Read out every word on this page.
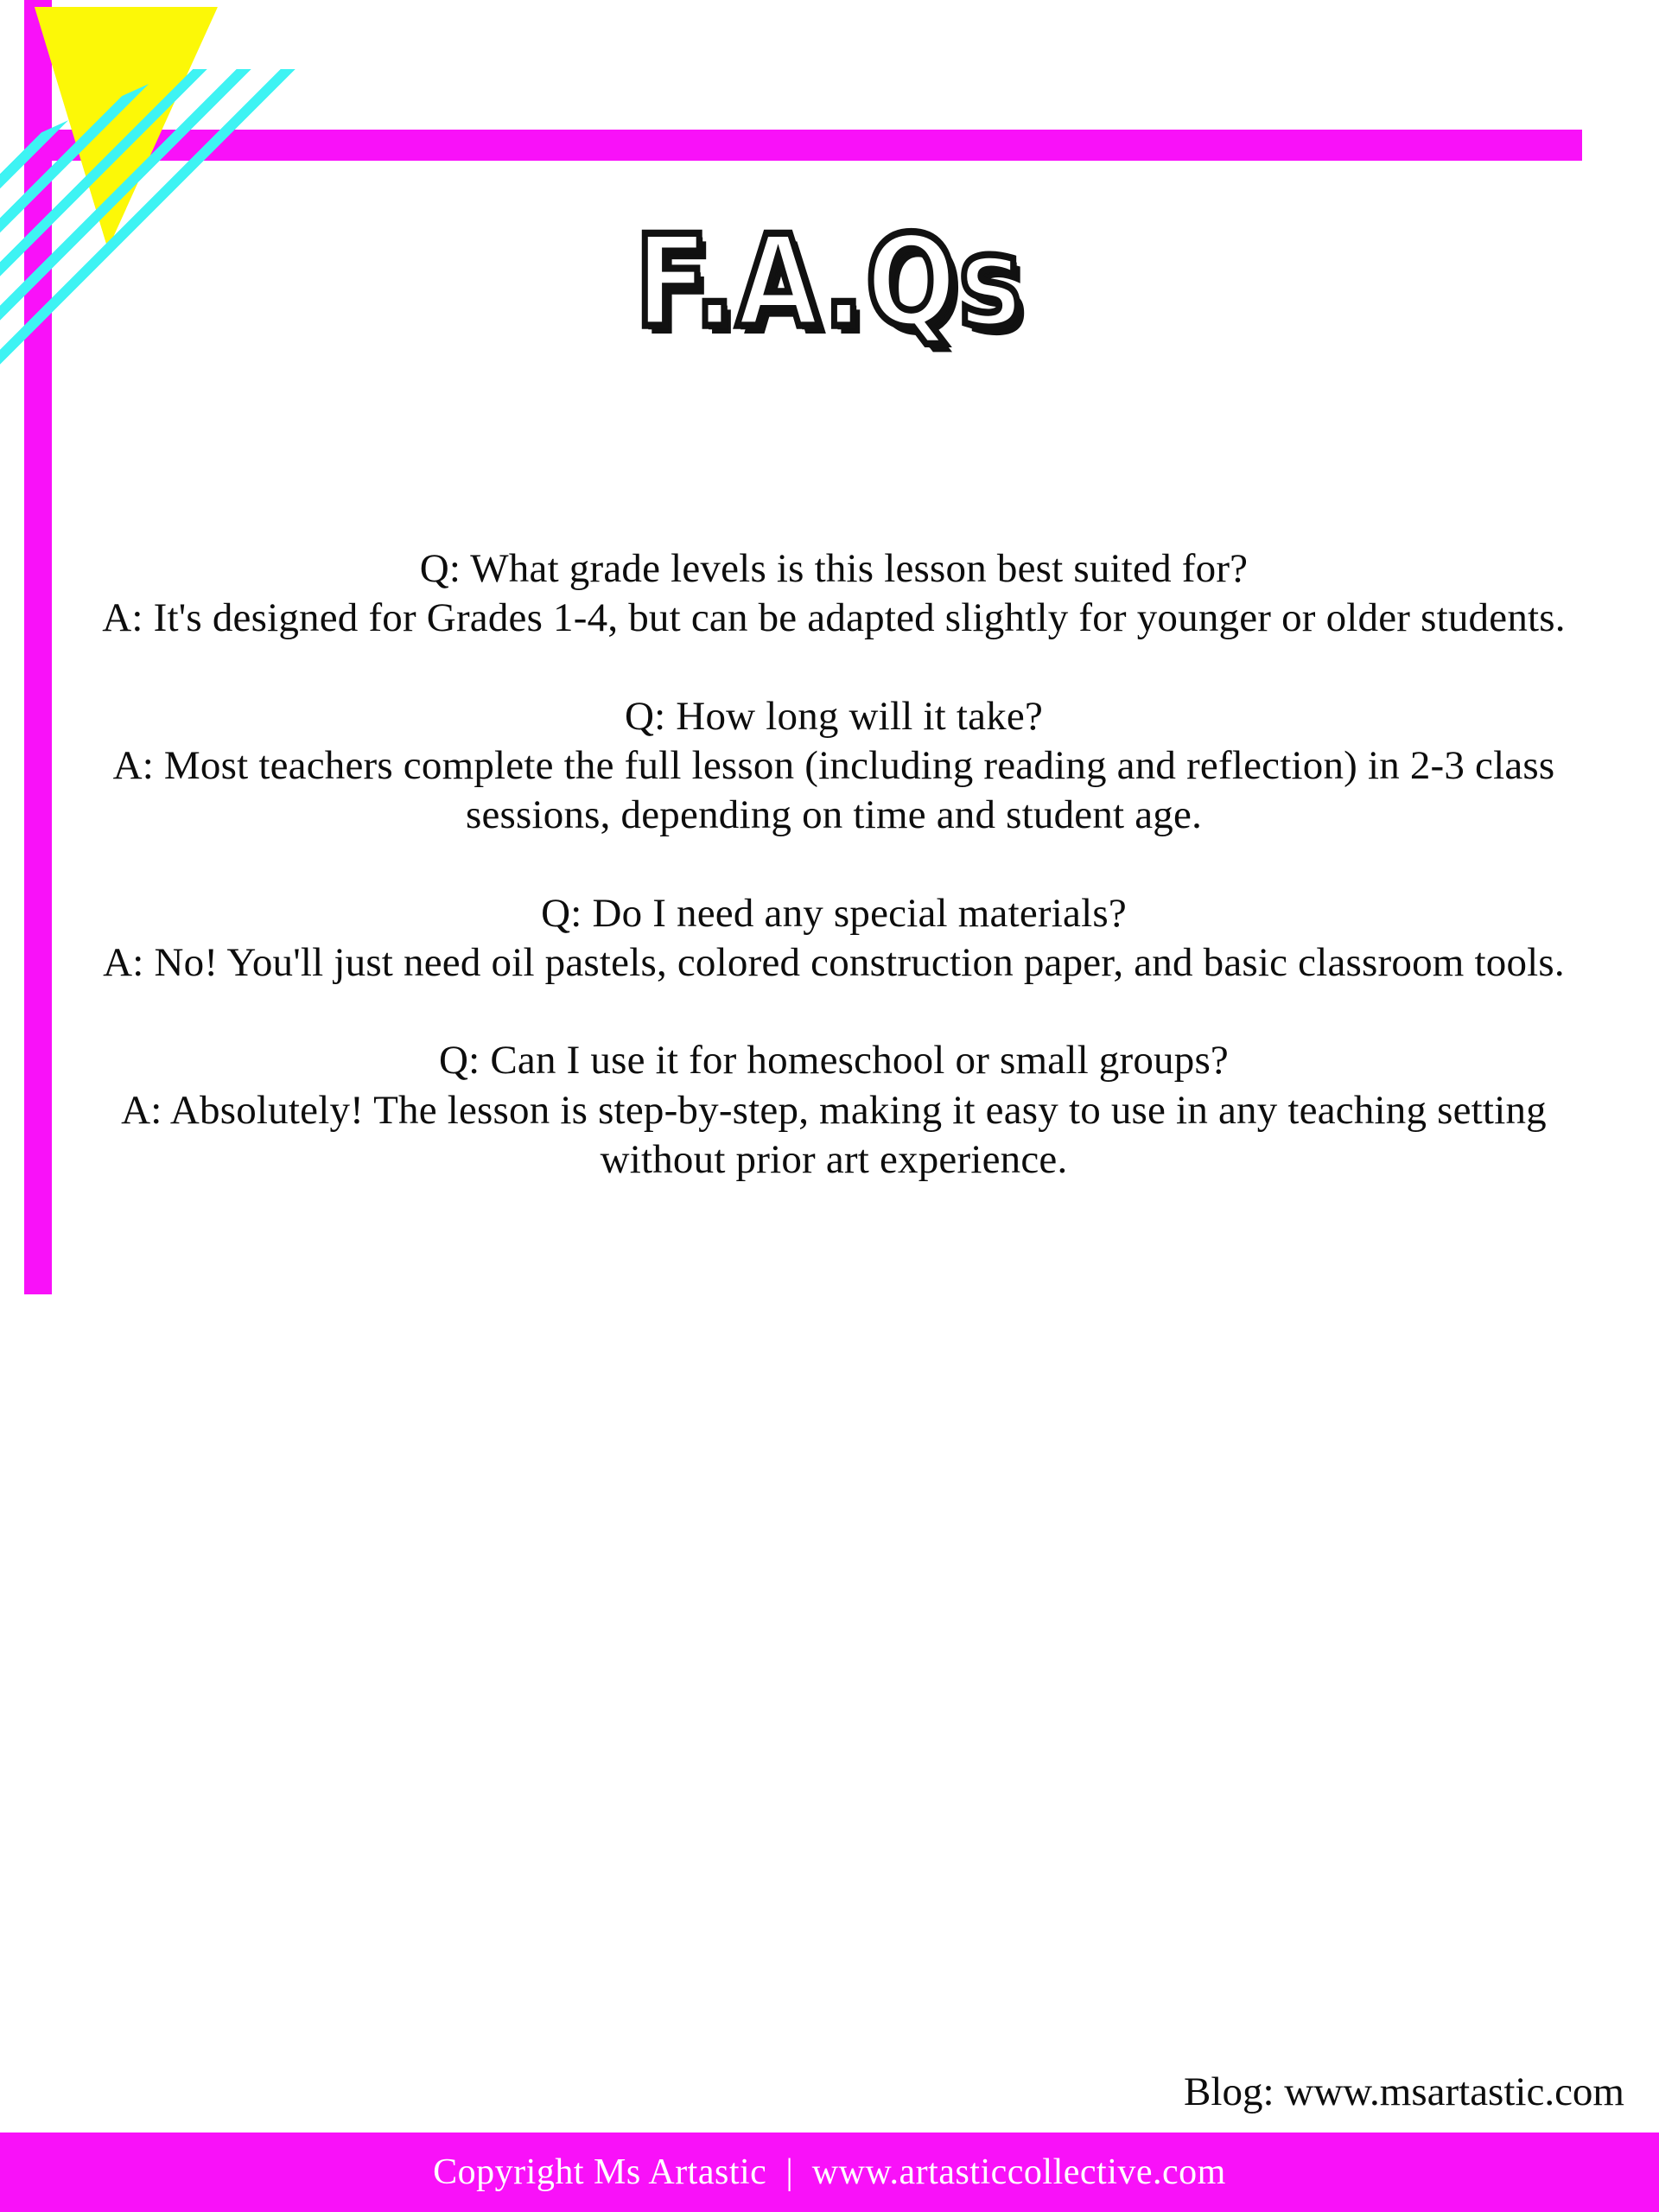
F.A.Qs
Q: What grade levels is this lesson best suited for?
A: It's designed for Grades 1-4, but can be adapted slightly for younger or older students.
Q: How long will it take?
A: Most teachers complete the full lesson (including reading and reflection) in 2-3 class sessions, depending on time and student age.
Q: Do I need any special materials?
A: No! You'll just need oil pastels, colored construction paper, and basic classroom tools.
Q: Can I use it for homeschool or small groups?
A: Absolutely! The lesson is step-by-step, making it easy to use in any teaching setting without prior art experience.
Blog: www.msartastic.com
Copyright Ms Artastic | www.artasticcollective.com
